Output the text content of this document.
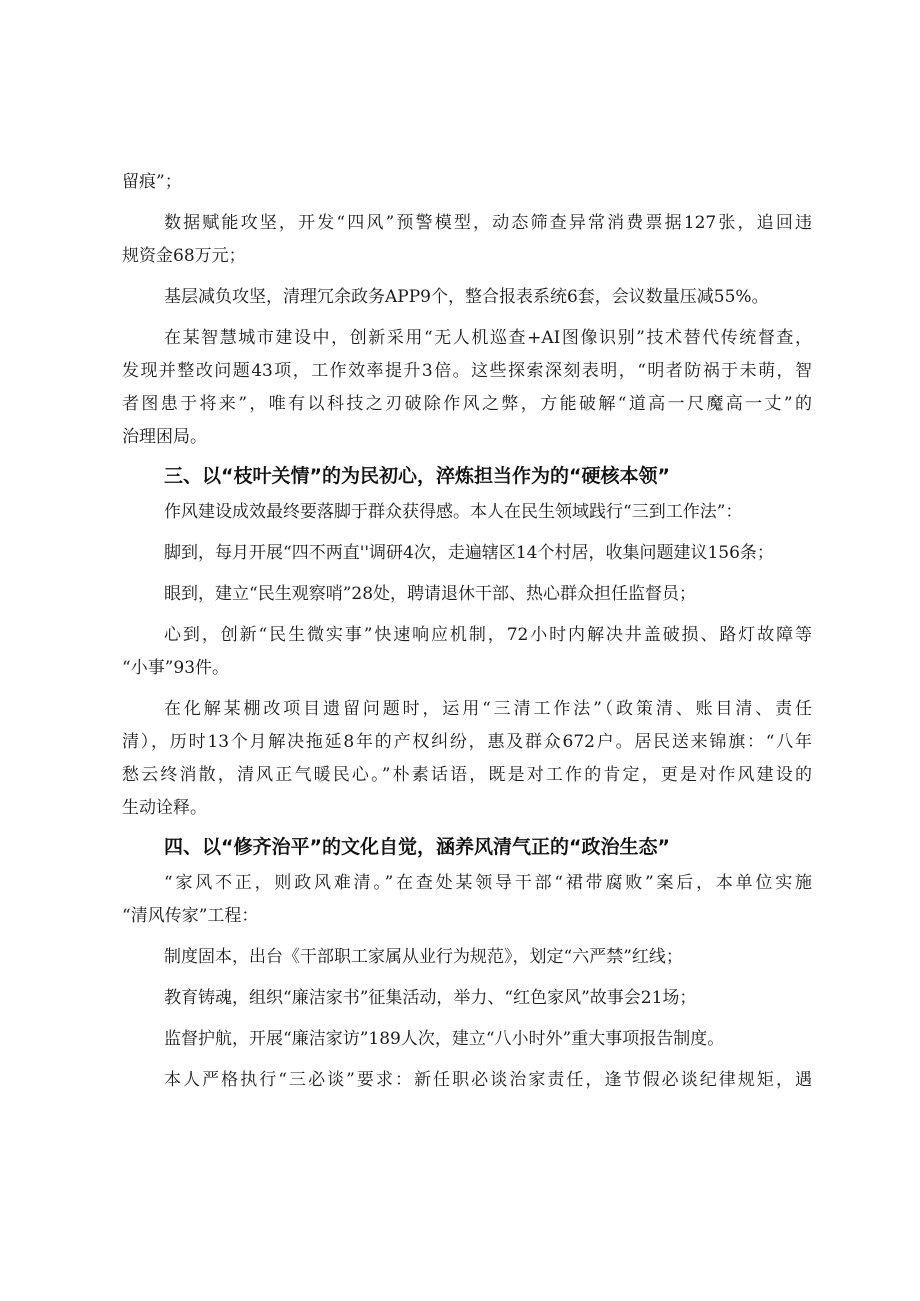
留痕”；
数据赋能攻坚，开发“四风”预警模型，动态筛查异常消费票据127张，追回违
规资金68万元；
基层减负攻坚，清理冗余政务APP9个，整合报表系统6套，会议数量压减55%。
在某智慧城市建设中，创新采用“无人机巡查+AI图像识别”技术替代传统督查，
发现并整改问题43项，工作效率提升3倍。这些探索深刻表明，“明者防祸于未萌，智
者图患于将来”，唯有以科技之刃破除作风之弊，方能破解“道高一尺魔高一丈”的
治理困局。
三、以“枝叶关情”的为民初心，淬炼担当作为的“硬核本领”
作风建设成效最终要落脚于群众获得感。本人在民生领域践行“三到工作法”：
脚到，每月开展“四不两直''调研4次，走遍辖区14个村居，收集问题建议156条；
眼到，建立“民生观察哨”28处，聘请退休干部、热心群众担任监督员；
心到，创新“民生微实事”快速响应机制，72小时内解决井盖破损、路灯故障等
“小事”93件。
在化解某棚改项目遗留问题时，运用“三清工作法”（政策清、账目清、责任
清），历时13个月解决拖延8年的产权纠纷，惠及群众672户。居民送来锦旗：“八年
愁云终消散，清风正气暖民心。”朴素话语，既是对工作的肯定，更是对作风建设的
生动诠释。
四、以“修齐治平”的文化自觉，涵养风清气正的“政治生态”
“家风不正，则政风难清。”在查处某领导干部“裙带腐败”案后，本单位实施
“清风传家”工程：
制度固本，出台《干部职工家属从业行为规范》，划定“六严禁”红线；
教育铸魂，组织“廉洁家书”征集活动，举力、“红色家风”故事会21场；
监督护航，开展“廉洁家访”189人次，建立“八小时外”重大事项报告制度。
本人严格执行“三必谈”要求：新任职必谈治家责任，逢节假必谈纪律规矩，遇
